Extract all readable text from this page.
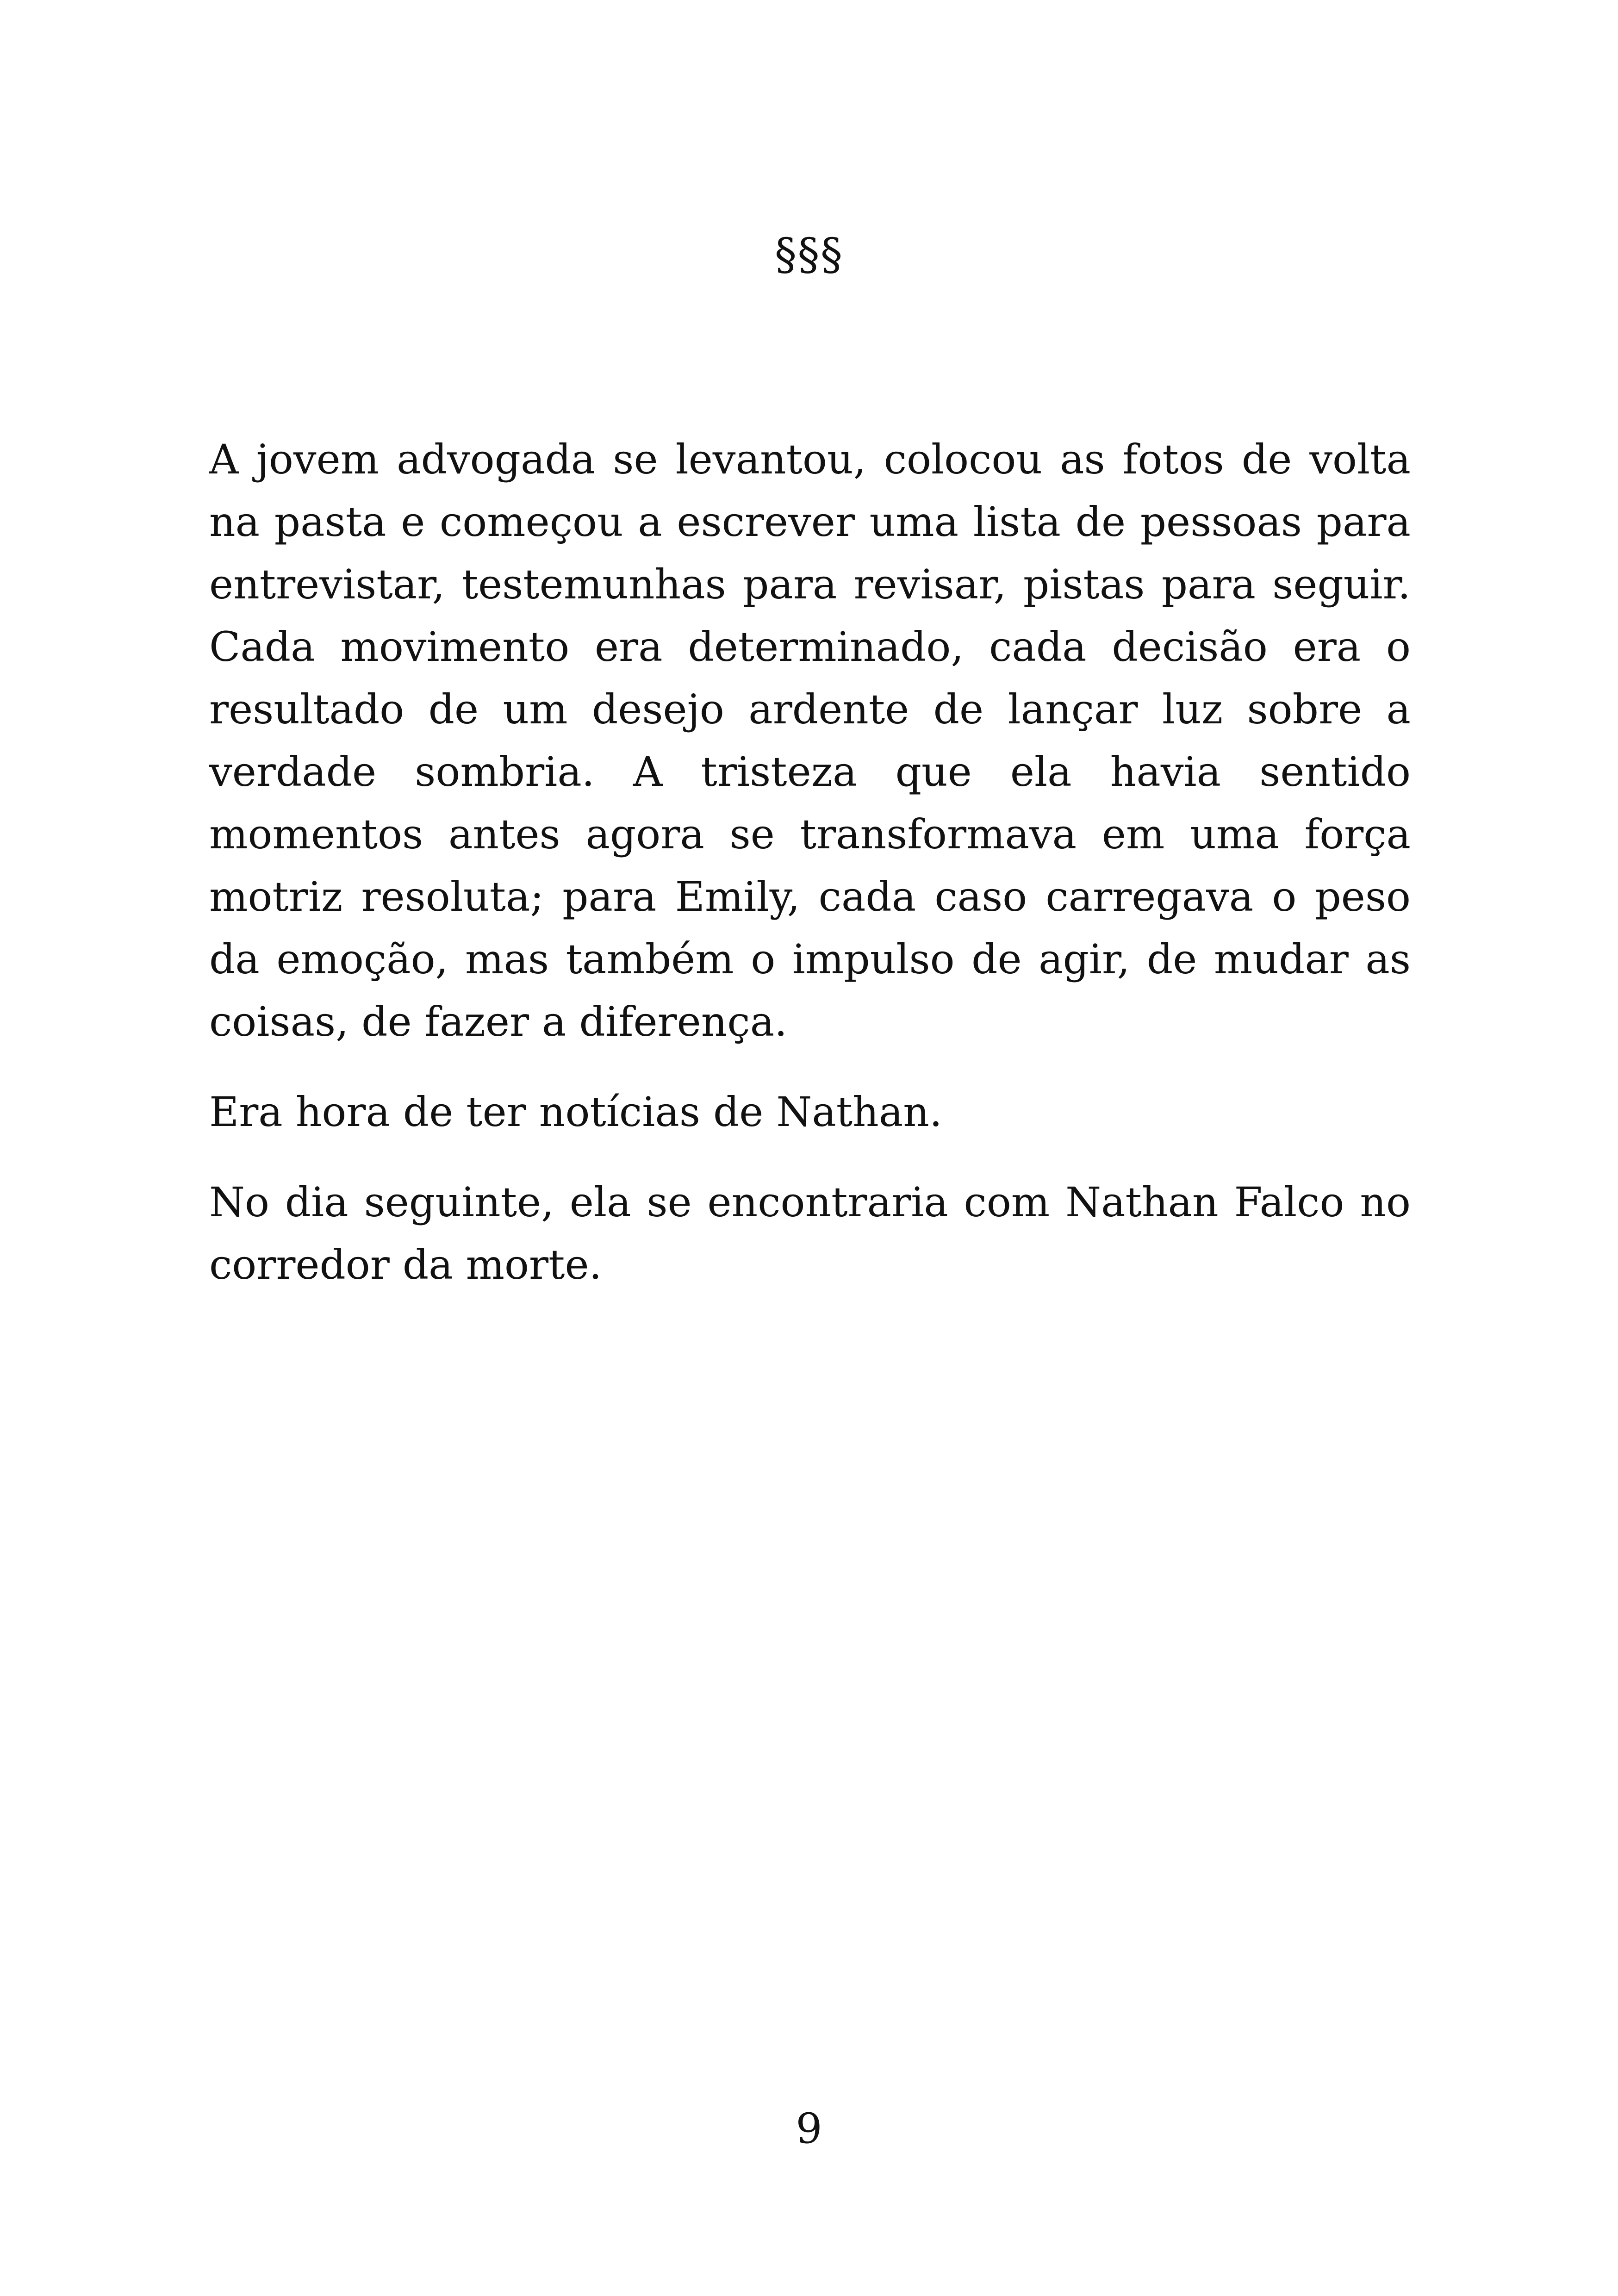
§§§

A jovem advogada se levantou, colocou as fotos de volta na pasta e começou a escrever uma lista de pessoas para entrevistar, testemunhas para revisar, pistas para seguir. Cada movimento era determinado, cada decisão era o resultado de um desejo ardente de lançar luz sobre a verdade sombria. A tristeza que ela havia sentido momentos antes agora se transformava em uma força motriz resoluta; para Emily, cada caso carregava o peso da emoção, mas também o impulso de agir, de mudar as coisas, de fazer a diferença.

Era hora de ter notícias de Nathan.

No dia seguinte, ela se encontraria com Nathan Falco no corredor da morte.

9
